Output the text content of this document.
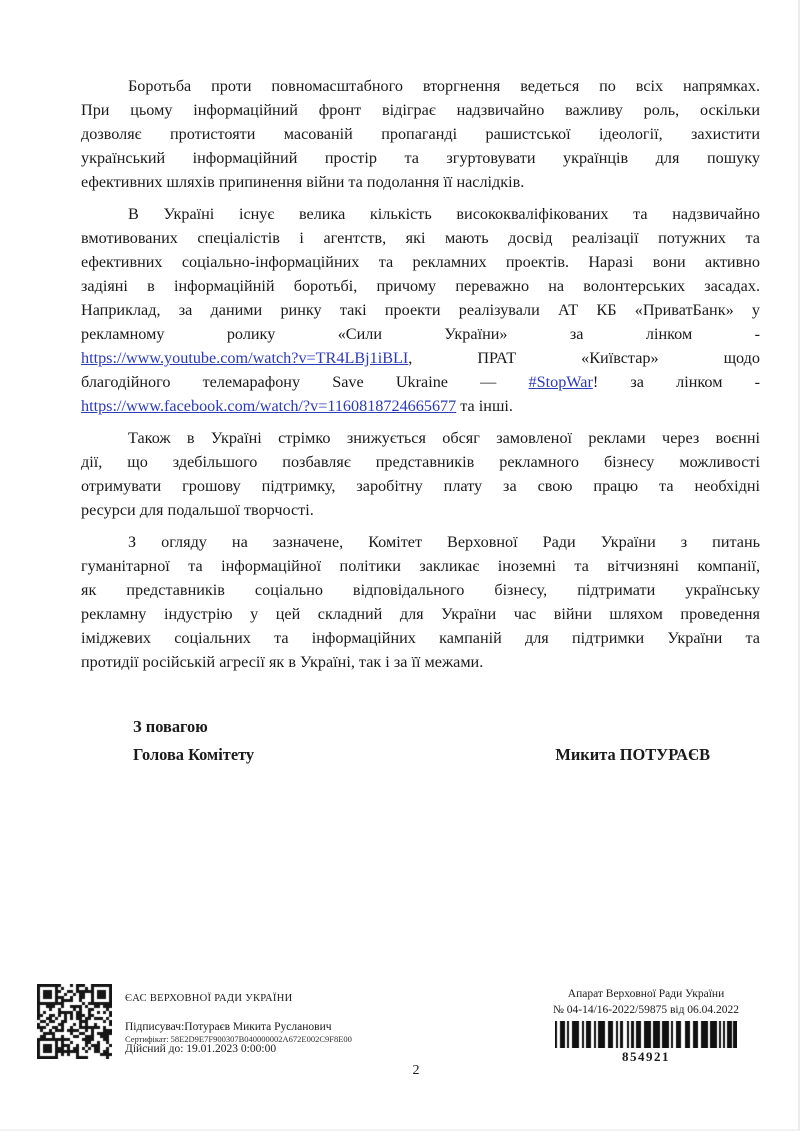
Боротьба проти повномасштабного вторгнення ведеться по всіх напрямках.
При цьому інформаційний фронт відіграє надзвичайно важливу роль, оскільки
дозволяє протистояти масованій пропаганді рашистської ідеології, захистити
український інформаційний простір та згуртовувати українців для пошуку
ефективних шляхів припинення війни та подолання її наслідків.
В Україні існує велика кількість висококваліфікованих та надзвичайно
вмотивованих спеціалістів і агентств, які мають досвід реалізації потужних та
ефективних соціально-інформаційних та рекламних проектів. Наразі вони активно
задіяні в інформаційній боротьбі, причому переважно на волонтерських засадах.
Наприклад, за даними ринку такі проекти реалізували АТ КБ «ПриватБанк» у
рекламному ролику «Сили України» за лінком -
https://www.youtube.com/watch?v=TR4LBj1iBLI, ПРАТ «Київстар» щодо
благодійного телемарафону Save Ukraine — #StopWar! за лінком -
https://www.facebook.com/watch/?v=1160818724665677 та інші.
Також в Україні стрімко знижується обсяг замовленої реклами через воєнні
дії, що здебільшого позбавляє представників рекламного бізнесу можливості
отримувати грошову підтримку, заробітну плату за свою працю та необхідні
ресурси для подальшої творчості.
З огляду на зазначене, Комітет Верховної Ради України з питань
гуманітарної та інформаційної політики закликає іноземні та вітчизняні компанії,
як представників соціально відповідального бізнесу, підтримати українську
рекламну індустрію у цей складний для України час війни шляхом проведення
іміджевих соціальних та інформаційних кампаній для підтримки України та
протидії російській агресії як в Україні, так і за її межами.
З повагою
Голова Комітету	Микита ПОТУРАЄВ
ЄАС ВЕРХОВНОЇ РАДИ УКРАЇНИ
Підписувач:Потураєв Микита Русланович
Сертифікат: 58E2D9E7F900307B040000002A672E002C9F8E00
Дійсний до: 19.01.2023 0:00:00
2
Апарат Верховної Ради України
№ 04-14/16-2022/59875 від 06.04.2022
854921
